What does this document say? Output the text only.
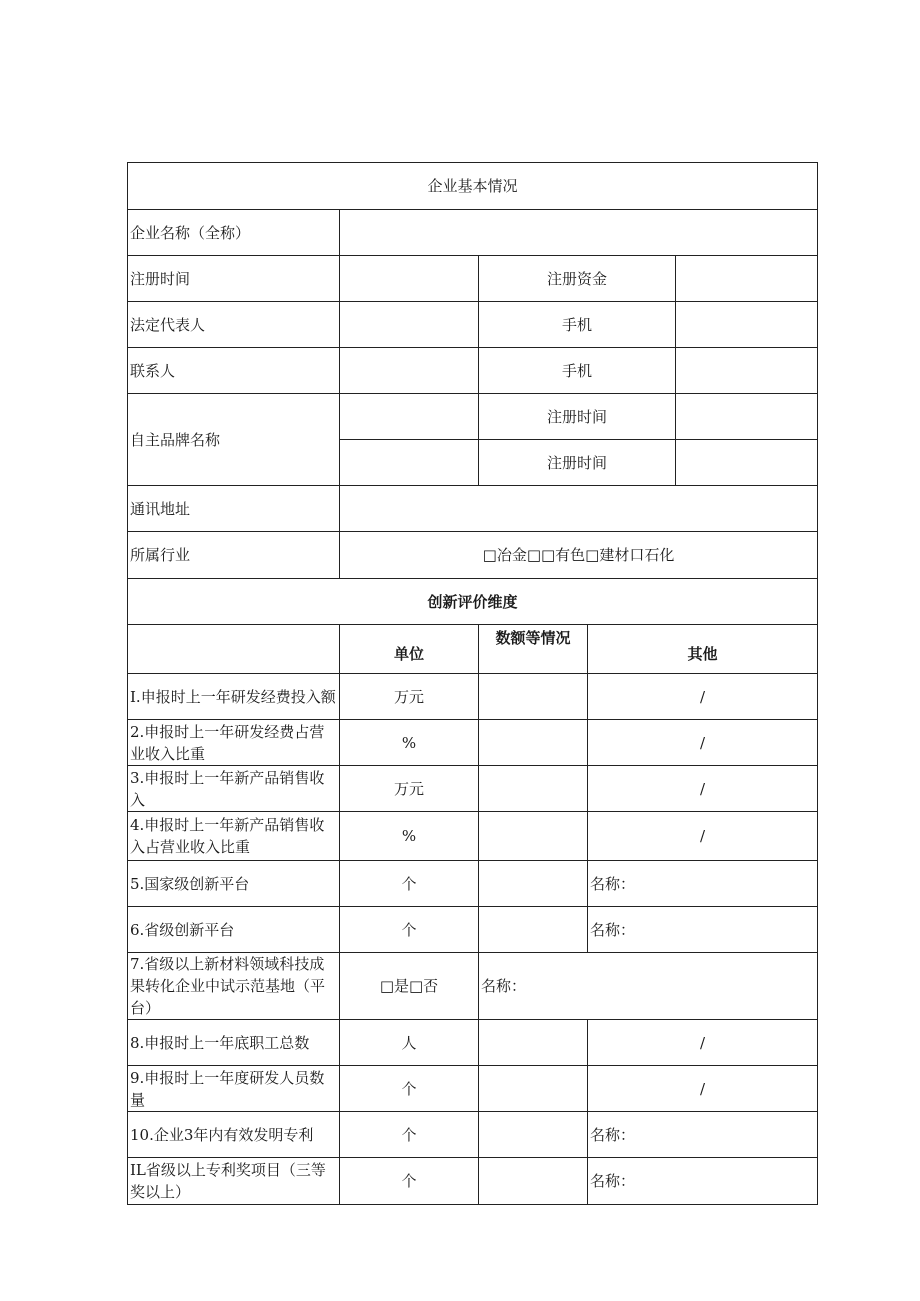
企业基本情况				
企业名称（全称）				
注册时间		注册资金		
法定代表人		手机		
联系人		手机		
自主品牌名称		注册时间		
		注册时间		
通讯地址				
所属行业	□冶金□□有色□建材口石化			
创新评价维度				
	单位	数额等情况	其他	
I.申报时上一年研发经费投入额	万元		/	
2.申报时上一年研发经费占营业收入比重	%		/	
3.申报时上一年新产品销售收入	万元		/	
4.申报时上一年新产品销售收入占营业收入比重	%		/	
5.国家级创新平台	个		名称：	
6.省级创新平台	个		名称：	
7.省级以上新材料领域科技成果转化企业中试示范基地（平台）	□是□否	名称：		
8.申报时上一年底职工总数	人		/	
9.申报时上一年度研发人员数量	个		/	
10.企业3年内有效发明专利	个		名称：	
IL省级以上专利奖项目（三等奖以上）	个		名称：	
